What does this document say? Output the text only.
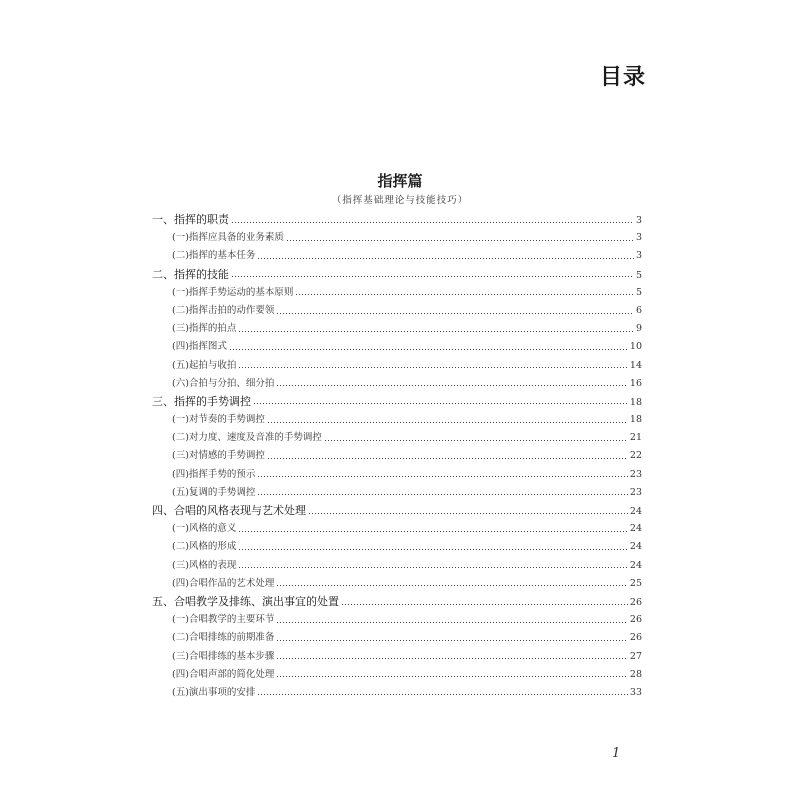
目录
指挥篇
（指挥基础理论与技能技巧）
一、指挥的职责	3
(一)指挥应具备的业务素质	3
(二)指挥的基本任务	3
二、指挥的技能	5
(一)指挥手势运动的基本原则	5
(二)指挥击拍的动作要领	6
(三)指挥的拍点	9
(四)指挥图式	10
(五)起拍与收拍	14
(六)合拍与分拍、细分拍	16
三、指挥的手势调控	18
(一)对节奏的手势调控	18
(二)对力度、速度及音准的手势调控	21
(三)对情感的手势调控	22
(四)指挥手势的预示	23
(五)复调的手势调控	23
四、合唱的风格表现与艺术处理	24
(一)风格的意义	24
(二)风格的形成	24
(三)风格的表现	24
(四)合唱作品的艺术处理	25
五、合唱教学及排练、演出事宜的处置	26
(一)合唱教学的主要环节	26
(二)合唱排练的前期准备	26
(三)合唱排练的基本步骤	27
(四)合唱声部的简化处理	28
(五)演出事项的安排	33
1
